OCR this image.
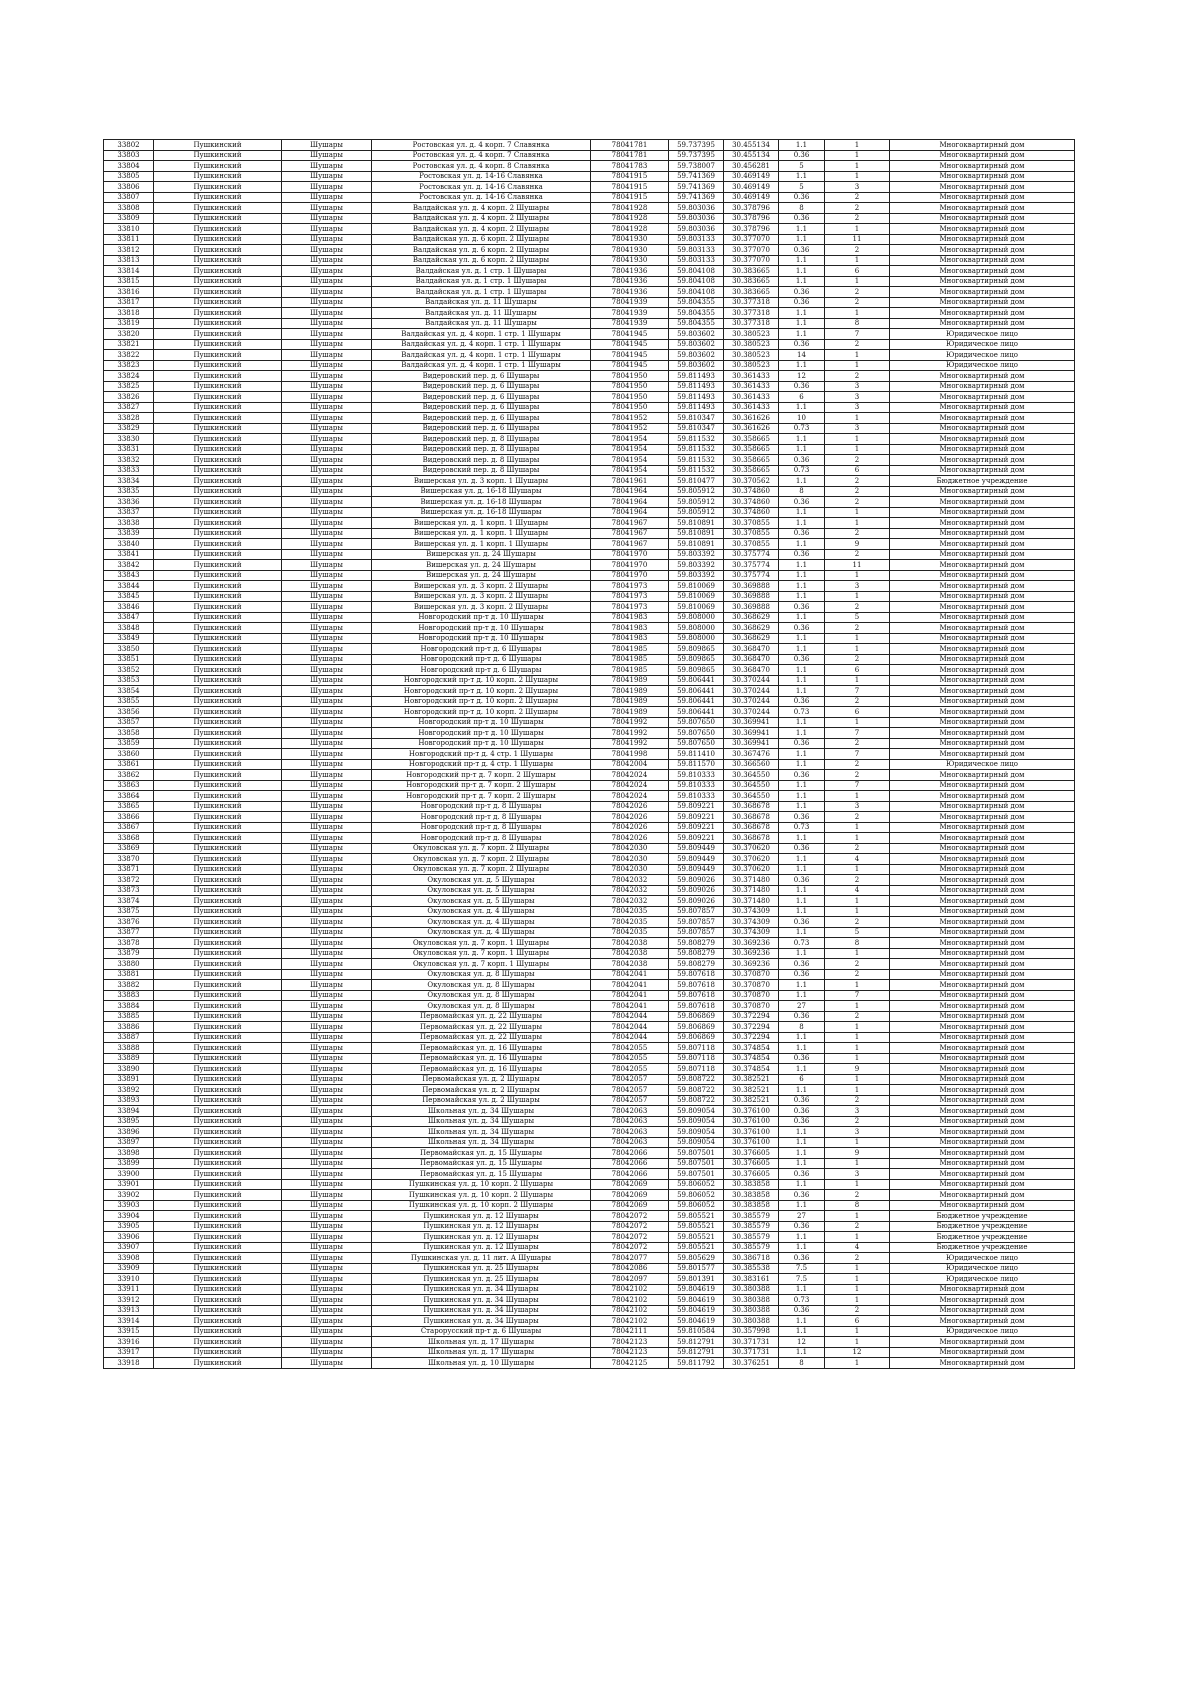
33802	Пушкинский	Шушары	Ростовская ул. д. 4 корп. 7 Славянка	78041781	59.737395	30.455134	1.1	1	Многоквартирный дом
33803	Пушкинский	Шушары	Ростовская ул. д. 4 корп. 7 Славянка	78041781	59.737395	30.455134	0.36	1	Многоквартирный дом
33804	Пушкинский	Шушары	Ростовская ул. д. 4 корп. 8 Славянка	78041783	59.738007	30.456281	5	1	Многоквартирный дом
33805	Пушкинский	Шушары	Ростовская ул. д. 14-16 Славянка	78041915	59.741369	30.469149	1.1	1	Многоквартирный дом
33806	Пушкинский	Шушары	Ростовская ул. д. 14-16 Славянка	78041915	59.741369	30.469149	5	3	Многоквартирный дом
33807	Пушкинский	Шушары	Ростовская ул. д. 14-16 Славянка	78041915	59.741369	30.469149	0.36	2	Многоквартирный дом
33808	Пушкинский	Шушары	Валдайская ул. д. 4 корп. 2 Шушары	78041928	59.803036	30.378796	8	2	Многоквартирный дом
33809	Пушкинский	Шушары	Валдайская ул. д. 4 корп. 2 Шушары	78041928	59.803036	30.378796	0.36	2	Многоквартирный дом
33810	Пушкинский	Шушары	Валдайская ул. д. 4 корп. 2 Шушары	78041928	59.803036	30.378796	1.1	1	Многоквартирный дом
33811	Пушкинский	Шушары	Валдайская ул. д. 6 корп. 2 Шушары	78041930	59.803133	30.377070	1.1	11	Многоквартирный дом
33812	Пушкинский	Шушары	Валдайская ул. д. 6 корп. 2 Шушары	78041930	59.803133	30.377070	0.36	2	Многоквартирный дом
33813	Пушкинский	Шушары	Валдайская ул. д. 6 корп. 2 Шушары	78041930	59.803133	30.377070	1.1	1	Многоквартирный дом
33814	Пушкинский	Шушары	Валдайская ул. д. 1 стр. 1 Шушары	78041936	59.804108	30.383665	1.1	6	Многоквартирный дом
33815	Пушкинский	Шушары	Валдайская ул. д. 1 стр. 1 Шушары	78041936	59.804108	30.383665	1.1	1	Многоквартирный дом
33816	Пушкинский	Шушары	Валдайская ул. д. 1 стр. 1 Шушары	78041936	59.804108	30.383665	0.36	2	Многоквартирный дом
33817	Пушкинский	Шушары	Валдайская ул. д. 11 Шушары	78041939	59.804355	30.377318	0.36	2	Многоквартирный дом
33818	Пушкинский	Шушары	Валдайская ул. д. 11 Шушары	78041939	59.804355	30.377318	1.1	1	Многоквартирный дом
33819	Пушкинский	Шушары	Валдайская ул. д. 11 Шушары	78041939	59.804355	30.377318	1.1	8	Многоквартирный дом
33820	Пушкинский	Шушары	Валдайская ул. д. 4 корп. 1 стр. 1 Шушары	78041945	59.803602	30.380523	1.1	7	Юридическое лицо
33821	Пушкинский	Шушары	Валдайская ул. д. 4 корп. 1 стр. 1 Шушары	78041945	59.803602	30.380523	0.36	2	Юридическое лицо
33822	Пушкинский	Шушары	Валдайская ул. д. 4 корп. 1 стр. 1 Шушары	78041945	59.803602	30.380523	14	1	Юридическое лицо
33823	Пушкинский	Шушары	Валдайская ул. д. 4 корп. 1 стр. 1 Шушары	78041945	59.803602	30.380523	1.1	1	Юридическое лицо
33824	Пушкинский	Шушары	Видеровский пер. д. 6 Шушары	78041950	59.811493	30.361433	12	2	Многоквартирный дом
33825	Пушкинский	Шушары	Видеровский пер. д. 6 Шушары	78041950	59.811493	30.361433	0.36	3	Многоквартирный дом
33826	Пушкинский	Шушары	Видеровский пер. д. 6 Шушары	78041950	59.811493	30.361433	6	3	Многоквартирный дом
33827	Пушкинский	Шушары	Видеровский пер. д. 6 Шушары	78041950	59.811493	30.361433	1.1	3	Многоквартирный дом
33828	Пушкинский	Шушары	Видеровский пер. д. 6 Шушары	78041952	59.810347	30.361626	10	1	Многоквартирный дом
33829	Пушкинский	Шушары	Видеровский пер. д. 6 Шушары	78041952	59.810347	30.361626	0.73	3	Многоквартирный дом
33830	Пушкинский	Шушары	Видеровский пер. д. 8 Шушары	78041954	59.811532	30.358665	1.1	1	Многоквартирный дом
33831	Пушкинский	Шушары	Видеровский пер. д. 8 Шушары	78041954	59.811532	30.358665	1.1	1	Многоквартирный дом
33832	Пушкинский	Шушары	Видеровский пер. д. 8 Шушары	78041954	59.811532	30.358665	0.36	2	Многоквартирный дом
33833	Пушкинский	Шушары	Видеровский пер. д. 8 Шушары	78041954	59.811532	30.358665	0.73	6	Многоквартирный дом
33834	Пушкинский	Шушары	Вишерская ул. д. 3 корп. 1 Шушары	78041961	59.810477	30.370562	1.1	2	Бюджетное учреждение
33835	Пушкинский	Шушары	Вишерская ул. д. 16-18 Шушары	78041964	59.805912	30.374860	8	2	Многоквартирный дом
33836	Пушкинский	Шушары	Вишерская ул. д. 16-18 Шушары	78041964	59.805912	30.374860	0.36	2	Многоквартирный дом
33837	Пушкинский	Шушары	Вишерская ул. д. 16-18 Шушары	78041964	59.805912	30.374860	1.1	1	Многоквартирный дом
33838	Пушкинский	Шушары	Вишерская ул. д. 1 корп. 1 Шушары	78041967	59.810891	30.370855	1.1	1	Многоквартирный дом
33839	Пушкинский	Шушары	Вишерская ул. д. 1 корп. 1 Шушары	78041967	59.810891	30.370855	0.36	2	Многоквартирный дом
33840	Пушкинский	Шушары	Вишерская ул. д. 1 корп. 1 Шушары	78041967	59.810891	30.370855	1.1	9	Многоквартирный дом
33841	Пушкинский	Шушары	Вишерская ул. д. 24 Шушары	78041970	59.803392	30.375774	0.36	2	Многоквартирный дом
33842	Пушкинский	Шушары	Вишерская ул. д. 24 Шушары	78041970	59.803392	30.375774	1.1	11	Многоквартирный дом
33843	Пушкинский	Шушары	Вишерская ул. д. 24 Шушары	78041970	59.803392	30.375774	1.1	1	Многоквартирный дом
33844	Пушкинский	Шушары	Вишерская ул. д. 3 корп. 2 Шушары	78041973	59.810069	30.369888	1.1	3	Многоквартирный дом
33845	Пушкинский	Шушары	Вишерская ул. д. 3 корп. 2 Шушары	78041973	59.810069	30.369888	1.1	1	Многоквартирный дом
33846	Пушкинский	Шушары	Вишерская ул. д. 3 корп. 2 Шушары	78041973	59.810069	30.369888	0.36	2	Многоквартирный дом
33847	Пушкинский	Шушары	Новгородский пр-т д. 10 Шушары	78041983	59.808000	30.368629	1.1	5	Многоквартирный дом
33848	Пушкинский	Шушары	Новгородский пр-т д. 10 Шушары	78041983	59.808000	30.368629	0.36	2	Многоквартирный дом
33849	Пушкинский	Шушары	Новгородский пр-т д. 10 Шушары	78041983	59.808000	30.368629	1.1	1	Многоквартирный дом
33850	Пушкинский	Шушары	Новгородский пр-т д. 6 Шушары	78041985	59.809865	30.368470	1.1	1	Многоквартирный дом
33851	Пушкинский	Шушары	Новгородский пр-т д. 6 Шушары	78041985	59.809865	30.368470	0.36	2	Многоквартирный дом
33852	Пушкинский	Шушары	Новгородский пр-т д. 6 Шушары	78041985	59.809865	30.368470	1.1	6	Многоквартирный дом
33853	Пушкинский	Шушары	Новгородский пр-т д. 10 корп. 2 Шушары	78041989	59.806441	30.370244	1.1	1	Многоквартирный дом
33854	Пушкинский	Шушары	Новгородский пр-т д. 10 корп. 2 Шушары	78041989	59.806441	30.370244	1.1	7	Многоквартирный дом
33855	Пушкинский	Шушары	Новгородский пр-т д. 10 корп. 2 Шушары	78041989	59.806441	30.370244	0.36	2	Многоквартирный дом
33856	Пушкинский	Шушары	Новгородский пр-т д. 10 корп. 2 Шушары	78041989	59.806441	30.370244	0.73	6	Многоквартирный дом
33857	Пушкинский	Шушары	Новгородский пр-т д. 10 Шушары	78041992	59.807650	30.369941	1.1	1	Многоквартирный дом
33858	Пушкинский	Шушары	Новгородский пр-т д. 10 Шушары	78041992	59.807650	30.369941	1.1	7	Многоквартирный дом
33859	Пушкинский	Шушары	Новгородский пр-т д. 10 Шушары	78041992	59.807650	30.369941	0.36	2	Многоквартирный дом
33860	Пушкинский	Шушары	Новгородский пр-т д. 4 стр. 1 Шушары	78041998	59.811410	30.367476	1.1	7	Многоквартирный дом
33861	Пушкинский	Шушары	Новгородский пр-т д. 4 стр. 1 Шушары	78042004	59.811570	30.366560	1.1	2	Юридическое лицо
33862	Пушкинский	Шушары	Новгородский пр-т д. 7 корп. 2 Шушары	78042024	59.810333	30.364550	0.36	2	Многоквартирный дом
33863	Пушкинский	Шушары	Новгородский пр-т д. 7 корп. 2 Шушары	78042024	59.810333	30.364550	1.1	7	Многоквартирный дом
33864	Пушкинский	Шушары	Новгородский пр-т д. 7 корп. 2 Шушары	78042024	59.810333	30.364550	1.1	1	Многоквартирный дом
33865	Пушкинский	Шушары	Новгородский пр-т д. 8 Шушары	78042026	59.809221	30.368678	1.1	3	Многоквартирный дом
33866	Пушкинский	Шушары	Новгородский пр-т д. 8 Шушары	78042026	59.809221	30.368678	0.36	2	Многоквартирный дом
33867	Пушкинский	Шушары	Новгородский пр-т д. 8 Шушары	78042026	59.809221	30.368678	0.73	1	Многоквартирный дом
33868	Пушкинский	Шушары	Новгородский пр-т д. 8 Шушары	78042026	59.809221	30.368678	1.1	1	Многоквартирный дом
33869	Пушкинский	Шушары	Окуловская ул. д. 7 корп. 2 Шушары	78042030	59.809449	30.370620	0.36	2	Многоквартирный дом
33870	Пушкинский	Шушары	Окуловская ул. д. 7 корп. 2 Шушары	78042030	59.809449	30.370620	1.1	4	Многоквартирный дом
33871	Пушкинский	Шушары	Окуловская ул. д. 7 корп. 2 Шушары	78042030	59.809449	30.370620	1.1	1	Многоквартирный дом
33872	Пушкинский	Шушары	Окуловская ул. д. 5 Шушары	78042032	59.809026	30.371480	0.36	2	Многоквартирный дом
33873	Пушкинский	Шушары	Окуловская ул. д. 5 Шушары	78042032	59.809026	30.371480	1.1	4	Многоквартирный дом
33874	Пушкинский	Шушары	Окуловская ул. д. 5 Шушары	78042032	59.809026	30.371480	1.1	1	Многоквартирный дом
33875	Пушкинский	Шушары	Окуловская ул. д. 4 Шушары	78042035	59.807857	30.374309	1.1	1	Многоквартирный дом
33876	Пушкинский	Шушары	Окуловская ул. д. 4 Шушары	78042035	59.807857	30.374309	0.36	2	Многоквартирный дом
33877	Пушкинский	Шушары	Окуловская ул. д. 4 Шушары	78042035	59.807857	30.374309	1.1	5	Многоквартирный дом
33878	Пушкинский	Шушары	Окуловская ул. д. 7 корп. 1 Шушары	78042038	59.808279	30.369236	0.73	8	Многоквартирный дом
33879	Пушкинский	Шушары	Окуловская ул. д. 7 корп. 1 Шушары	78042038	59.808279	30.369236	1.1	1	Многоквартирный дом
33880	Пушкинский	Шушары	Окуловская ул. д. 7 корп. 1 Шушары	78042038	59.808279	30.369236	0.36	2	Многоквартирный дом
33881	Пушкинский	Шушары	Окуловская ул. д. 8 Шушары	78042041	59.807618	30.370870	0.36	2	Многоквартирный дом
33882	Пушкинский	Шушары	Окуловская ул. д. 8 Шушары	78042041	59.807618	30.370870	1.1	1	Многоквартирный дом
33883	Пушкинский	Шушары	Окуловская ул. д. 8 Шушары	78042041	59.807618	30.370870	1.1	7	Многоквартирный дом
33884	Пушкинский	Шушары	Окуловская ул. д. 8 Шушары	78042041	59.807618	30.370870	27	1	Многоквартирный дом
33885	Пушкинский	Шушары	Первомайская ул. д. 22 Шушары	78042044	59.806869	30.372294	0.36	2	Многоквартирный дом
33886	Пушкинский	Шушары	Первомайская ул. д. 22 Шушары	78042044	59.806869	30.372294	8	1	Многоквартирный дом
33887	Пушкинский	Шушары	Первомайская ул. д. 22 Шушары	78042044	59.806869	30.372294	1.1	1	Многоквартирный дом
33888	Пушкинский	Шушары	Первомайская ул. д. 16 Шушары	78042055	59.807118	30.374854	1.1	1	Многоквартирный дом
33889	Пушкинский	Шушары	Первомайская ул. д. 16 Шушары	78042055	59.807118	30.374854	0.36	1	Многоквартирный дом
33890	Пушкинский	Шушары	Первомайская ул. д. 16 Шушары	78042055	59.807118	30.374854	1.1	9	Многоквартирный дом
33891	Пушкинский	Шушары	Первомайская ул. д. 2 Шушары	78042057	59.808722	30.382521	6	1	Многоквартирный дом
33892	Пушкинский	Шушары	Первомайская ул. д. 2 Шушары	78042057	59.808722	30.382521	1.1	1	Многоквартирный дом
33893	Пушкинский	Шушары	Первомайская ул. д. 2 Шушары	78042057	59.808722	30.382521	0.36	2	Многоквартирный дом
33894	Пушкинский	Шушары	Школьная ул. д. 34 Шушары	78042063	59.809054	30.376100	0.36	3	Многоквартирный дом
33895	Пушкинский	Шушары	Школьная ул. д. 34 Шушары	78042063	59.809054	30.376100	0.36	2	Многоквартирный дом
33896	Пушкинский	Шушары	Школьная ул. д. 34 Шушары	78042063	59.809054	30.376100	1.1	3	Многоквартирный дом
33897	Пушкинский	Шушары	Школьная ул. д. 34 Шушары	78042063	59.809054	30.376100	1.1	1	Многоквартирный дом
33898	Пушкинский	Шушары	Первомайская ул. д. 15 Шушары	78042066	59.807501	30.376605	1.1	9	Многоквартирный дом
33899	Пушкинский	Шушары	Первомайская ул. д. 15 Шушары	78042066	59.807501	30.376605	1.1	1	Многоквартирный дом
33900	Пушкинский	Шушары	Первомайская ул. д. 15 Шушары	78042066	59.807501	30.376605	0.36	3	Многоквартирный дом
33901	Пушкинский	Шушары	Пушкинская ул. д. 10 корп. 2 Шушары	78042069	59.806052	30.383858	1.1	1	Многоквартирный дом
33902	Пушкинский	Шушары	Пушкинская ул. д. 10 корп. 2 Шушары	78042069	59.806052	30.383858	0.36	2	Многоквартирный дом
33903	Пушкинский	Шушары	Пушкинская ул. д. 10 корп. 2 Шушары	78042069	59.806052	30.383858	1.1	8	Многоквартирный дом
33904	Пушкинский	Шушары	Пушкинская ул. д. 12 Шушары	78042072	59.805521	30.385579	27	1	Бюджетное учреждение
33905	Пушкинский	Шушары	Пушкинская ул. д. 12 Шушары	78042072	59.805521	30.385579	0.36	2	Бюджетное учреждение
33906	Пушкинский	Шушары	Пушкинская ул. д. 12 Шушары	78042072	59.805521	30.385579	1.1	1	Бюджетное учреждение
33907	Пушкинский	Шушары	Пушкинская ул. д. 12 Шушары	78042072	59.805521	30.385579	1.1	4	Бюджетное учреждение
33908	Пушкинский	Шушары	Пушкинская ул. д. 11 лит. А Шушары	78042077	59.805629	30.386718	0.36	2	Юридическое лицо
33909	Пушкинский	Шушары	Пушкинская ул. д. 25 Шушары	78042086	59.801577	30.385538	7.5	1	Юридическое лицо
33910	Пушкинский	Шушары	Пушкинская ул. д. 25 Шушары	78042097	59.801391	30.383161	7.5	1	Юридическое лицо
33911	Пушкинский	Шушары	Пушкинская ул. д. 34 Шушары	78042102	59.804619	30.380388	1.1	1	Многоквартирный дом
33912	Пушкинский	Шушары	Пушкинская ул. д. 34 Шушары	78042102	59.804619	30.380388	0.73	1	Многоквартирный дом
33913	Пушкинский	Шушары	Пушкинская ул. д. 34 Шушары	78042102	59.804619	30.380388	0.36	2	Многоквартирный дом
33914	Пушкинский	Шушары	Пушкинская ул. д. 34 Шушары	78042102	59.804619	30.380388	1.1	6	Многоквартирный дом
33915	Пушкинский	Шушары	Старорусский пр-т д. 6 Шушары	78042111	59.810584	30.357998	1.1	1	Юридическое лицо
33916	Пушкинский	Шушары	Школьная ул. д. 17 Шушары	78042123	59.812791	30.371731	12	1	Многоквартирный дом
33917	Пушкинский	Шушары	Школьная ул. д. 17 Шушары	78042123	59.812791	30.371731	1.1	12	Многоквартирный дом
33918	Пушкинский	Шушары	Школьная ул. д. 10 Шушары	78042125	59.811792	30.376251	8	1	Многоквартирный дом
